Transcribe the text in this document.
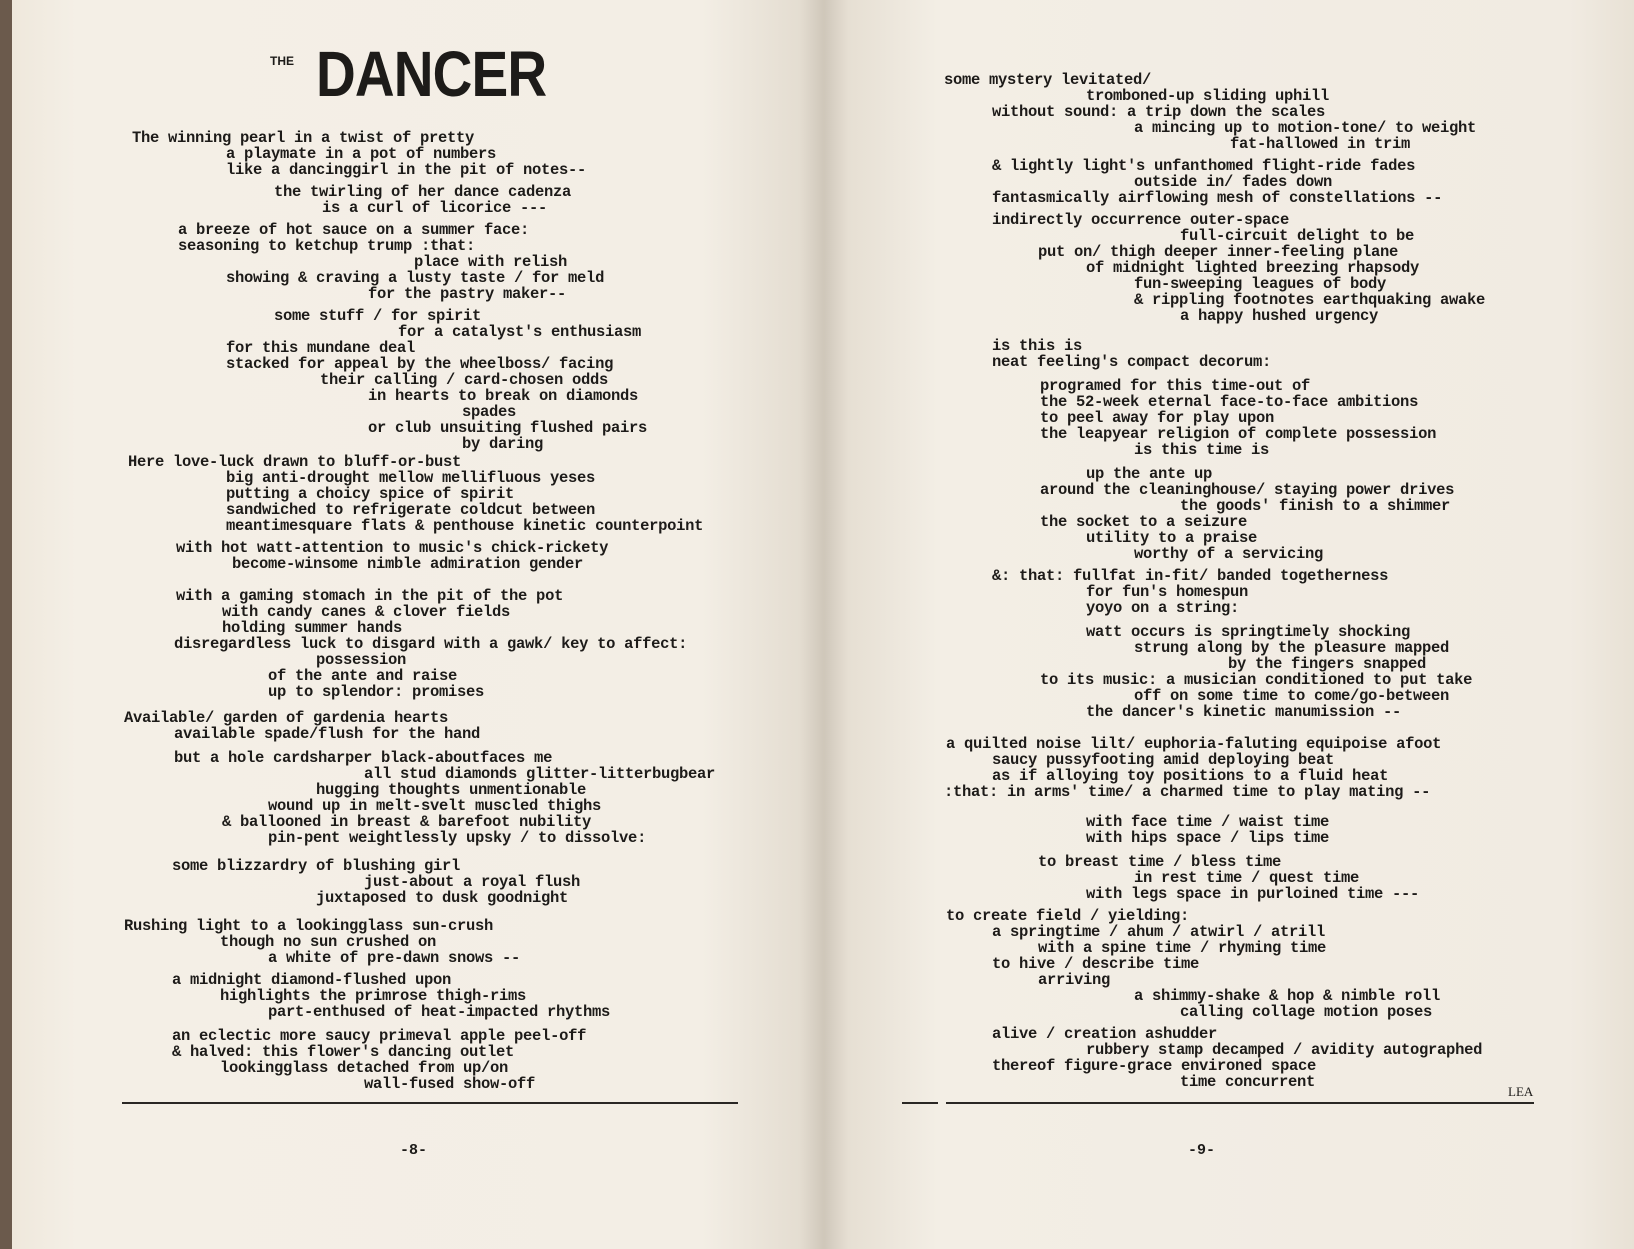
THE DANCER

The winning pearl in a twist of pretty

a playmate in a pot of numbers

like a dancinggirl in the pit of notes--

the twirling of her dance cadenza

is a curl of licorice ---

a breeze of hot sauce on a summer face:

seasoning to ketchup trump :that:

place with relish

showing & craving a lusty taste / for meld

for the pastry maker--

some stuff / for spirit

for a catalyst's enthusiasm

for this mundane deal

stacked for appeal by the wheelboss/ facing

their calling / card-chosen odds

in hearts to break on diamonds

spades

or club unsuiting flushed pairs

by daring

Here love-luck drawn to bluff-or-bust

big anti-drought mellow mellifluous yeses

putting a choicy spice of spirit

sandwiched to refrigerate coldcut between

meantimesquare flats & penthouse kinetic counterpoint

with hot watt-attention to music's chick-rickety

become-winsome nimble admiration gender

with a gaming stomach in the pit of the pot

with candy canes & clover fields

holding summer hands

disregardless luck to disgard with a gawk/ key to affect:

possession

of the ante and raise

up to splendor: promises

Available/ garden of gardenia hearts

available spade/flush for the hand

but a hole cardsharper black-aboutfaces me

all stud diamonds glitter-litterbugbear

hugging thoughts unmentionable

wound up in melt-svelt muscled thighs

& ballooned in breast & barefoot nubility

pin-pent weightlessly upsky / to dissolve:

some blizzardry of blushing girl

just-about a royal flush

juxtaposed to dusk goodnight

Rushing light to a lookingglass sun-crush

though no sun crushed on

a white of pre-dawn snows --

a midnight diamond-flushed upon

highlights the primrose thigh-rims

part-enthused of heat-impacted rhythms

an eclectic more saucy primeval apple peel-off

& halved: this flower's dancing outlet

lookingglass detached from up/on

wall-fused show-off

-8-

some mystery levitated/

tromboned-up sliding uphill

without sound: a trip down the scales

a mincing up to motion-tone/ to weight

fat-hallowed in trim

& lightly light's unfanthomed flight-ride fades

outside in/ fades down

fantasmically airflowing mesh of constellations --

indirectly occurrence outer-space

full-circuit delight to be

put on/ thigh deeper inner-feeling plane

of midnight lighted breezing rhapsody

fun-sweeping leagues of body

& rippling footnotes earthquaking awake

a happy hushed urgency

is this is

neat feeling's compact decorum:

programed for this time-out of

the 52-week eternal face-to-face ambitions

to peel away for play upon

the leapyear religion of complete possession

is this time is

up the ante up

around the cleaninghouse/ staying power drives

the goods' finish to a shimmer

the socket to a seizure

utility to a praise

worthy of a servicing

&: that: fullfat in-fit/ banded togetherness

for fun's homespun

yoyo on a string:

watt occurs is springtimely shocking

strung along by the pleasure mapped

by the fingers snapped

to its music: a musician conditioned to put take

off on some time to come/go-between

the dancer's kinetic manumission --

a quilted noise lilt/ euphoria-faluting equipoise afoot

saucy pussyfooting amid deploying beat

as if alloying toy positions to a fluid heat

:that: in arms' time/ a charmed time to play mating --

with face time / waist time

with hips space / lips time

to breast time / bless time

in rest time / quest time

with legs space in purloined time ---

to create field / yielding:

a springtime / ahum / atwirl / atrill

with a spine time / rhyming time

to hive / describe time

arriving

a shimmy-shake & hop & nimble roll

calling collage motion poses

alive / creation ashudder

rubbery stamp decamped / avidity autographed

thereof figure-grace environed space

time concurrent

LEA
-9-
